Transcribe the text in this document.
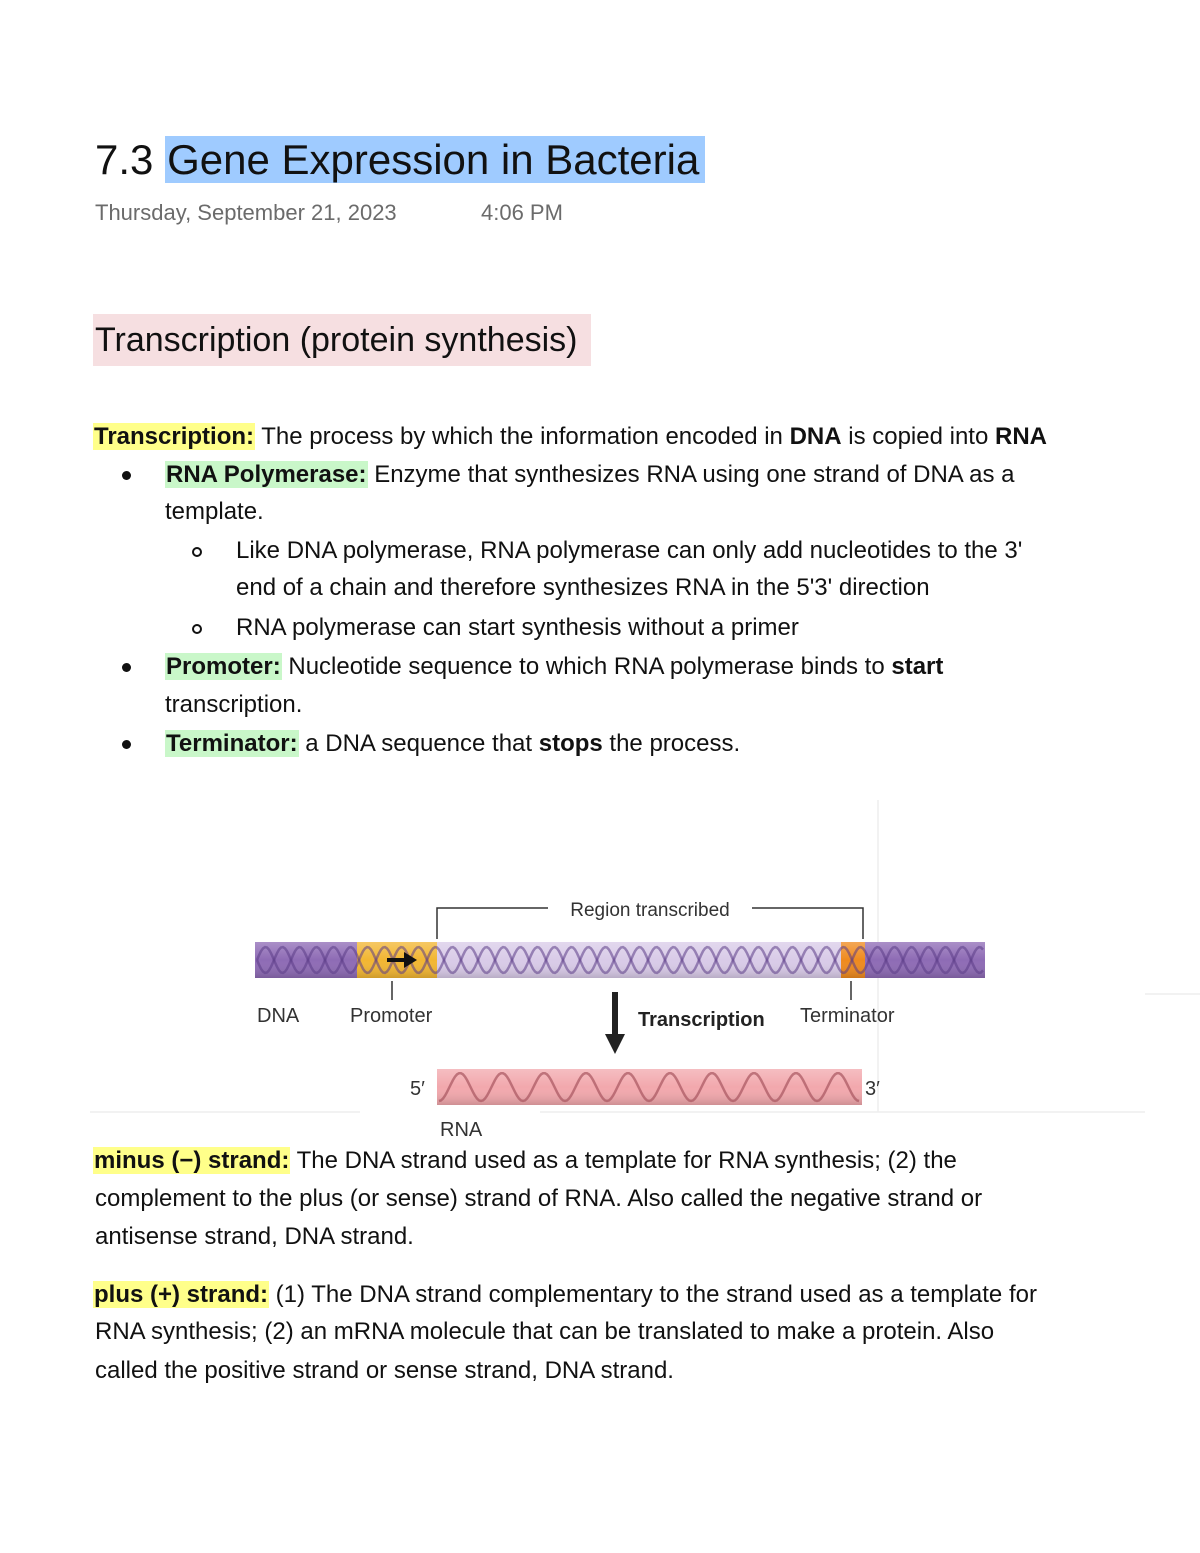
7.3 Gene Expression in Bacteria
Thursday, September 21, 2023	4:06 PM
Transcription (protein synthesis)
Transcription: The process by which the information encoded in DNA is copied into RNA
RNA Polymerase: Enzyme that synthesizes RNA using one strand of DNA as a
template.
Like DNA polymerase, RNA polymerase can only add nucleotides to the 3'
end of a chain and therefore synthesizes RNA in the 5'3' direction
RNA polymerase can start synthesis without a primer
Promoter: Nucleotide sequence to which RNA polymerase binds to start
transcription.
Terminator: a DNA sequence that stops the process.
Region transcribed
DNA	Promoter	Terminator
Transcription
5′	3′
RNA
minus (−) strand: The DNA strand used as a template for RNA synthesis; (2) the
complement to the plus (or sense) strand of RNA. Also called the negative strand or
antisense strand, DNA strand.
plus (+) strand: (1) The DNA strand complementary to the strand used as a template for
RNA synthesis; (2) an mRNA molecule that can be translated to make a protein. Also
called the positive strand or sense strand, DNA strand.
